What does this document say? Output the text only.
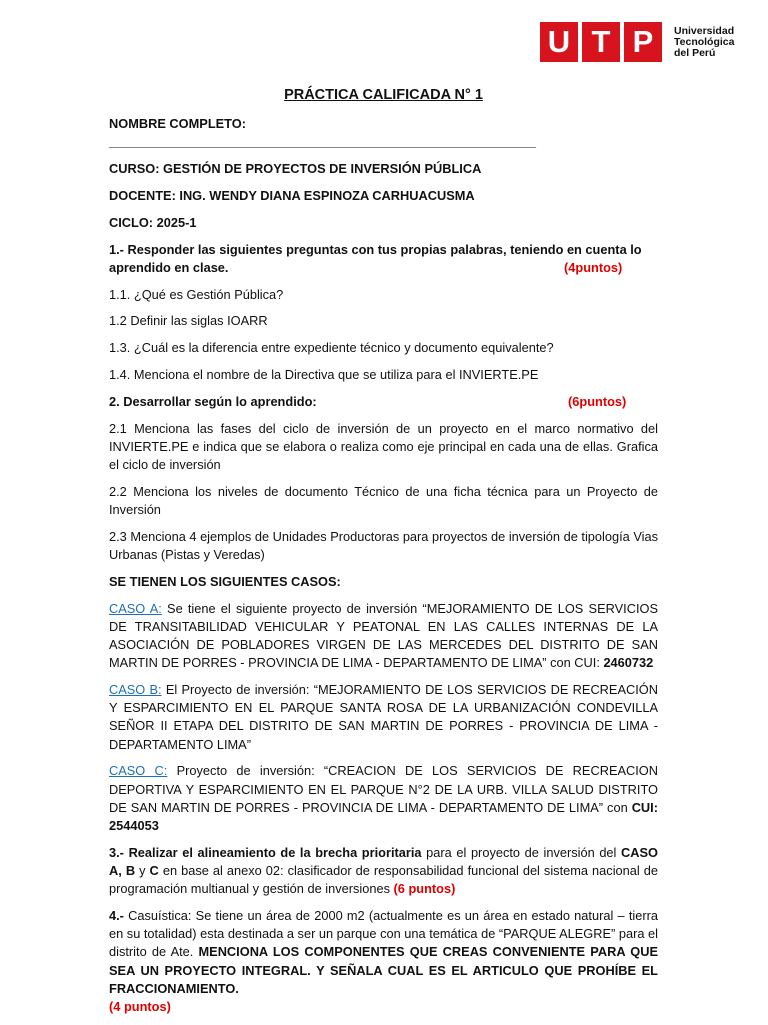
U T P	Universidad
Tecnológica
del Perú
PRÁCTICA CALIFICADA N° 1

NOMBRE COMPLETO: ____________________________________________________________

CURSO: GESTIÓN DE PROYECTOS DE INVERSIÓN PÚBLICA

DOCENTE: ING. WENDY DIANA ESPINOZA CARHUACUSMA

CICLO: 2025-1

1.- Responder las siguientes preguntas con tus propias palabras, teniendo en cuenta lo
aprendido en clase.	(4puntos)

1.1. ¿Qué es Gestión Pública?

1.2 Definir las siglas IOARR

1.3. ¿Cuál es la diferencia entre expediente técnico y documento equivalente?

1.4. Menciona el nombre de la Directiva que se utiliza para el INVIERTE.PE

2. Desarrollar según lo aprendido:	(6puntos)

2.1 Menciona las fases del ciclo de inversión de un proyecto en el marco normativo del INVIERTE.PE e indica que se elabora o realiza como eje principal en cada una de ellas. Grafica el ciclo de inversión

2.2 Menciona los niveles de documento Técnico de una ficha técnica para un Proyecto de Inversión

2.3 Menciona 4 ejemplos de Unidades Productoras para proyectos de inversión de tipología Vias Urbanas (Pistas y Veredas)

SE TIENEN LOS SIGUIENTES CASOS:

CASO A: Se tiene el siguiente proyecto de inversión “MEJORAMIENTO DE LOS SERVICIOS DE TRANSITABILIDAD VEHICULAR Y PEATONAL EN LAS CALLES INTERNAS DE LA ASOCIACIÓN DE POBLADORES VIRGEN DE LAS MERCEDES DEL DISTRITO DE SAN MARTIN DE PORRES - PROVINCIA DE LIMA - DEPARTAMENTO DE LIMA” con CUI: 2460732

CASO B: El Proyecto de inversión: “MEJORAMIENTO DE LOS SERVICIOS DE RECREACIÓN Y ESPARCIMIENTO EN EL PARQUE SANTA ROSA DE LA URBANIZACIÓN CONDEVILLA SEÑOR II ETAPA DEL DISTRITO DE SAN MARTIN DE PORRES - PROVINCIA DE LIMA - DEPARTAMENTO LIMA”

CASO C: Proyecto de inversión: “CREACION DE LOS SERVICIOS DE RECREACION DEPORTIVA Y ESPARCIMIENTO EN EL PARQUE N°2 DE LA URB. VILLA SALUD DISTRITO DE SAN MARTIN DE PORRES - PROVINCIA DE LIMA - DEPARTAMENTO DE LIMA” con CUI: 2544053

3.- Realizar el alineamiento de la brecha prioritaria para el proyecto de inversión del CASO A, B y C en base al anexo 02: clasificador de responsabilidad funcional del sistema nacional de programación multianual y gestión de inversiones (6 puntos)

4.- Casuística: Se tiene un área de 2000 m2 (actualmente es un área en estado natural – tierra en su totalidad) esta destinada a ser un parque con una temática de “PARQUE ALEGRE” para el distrito de Ate. MENCIONA LOS COMPONENTES QUE CREAS CONVENIENTE PARA QUE SEA UN PROYECTO INTEGRAL. Y SEÑALA CUAL ES EL ARTICULO QUE PROHÍBE EL FRACCIONAMIENTO.
(4 puntos)
